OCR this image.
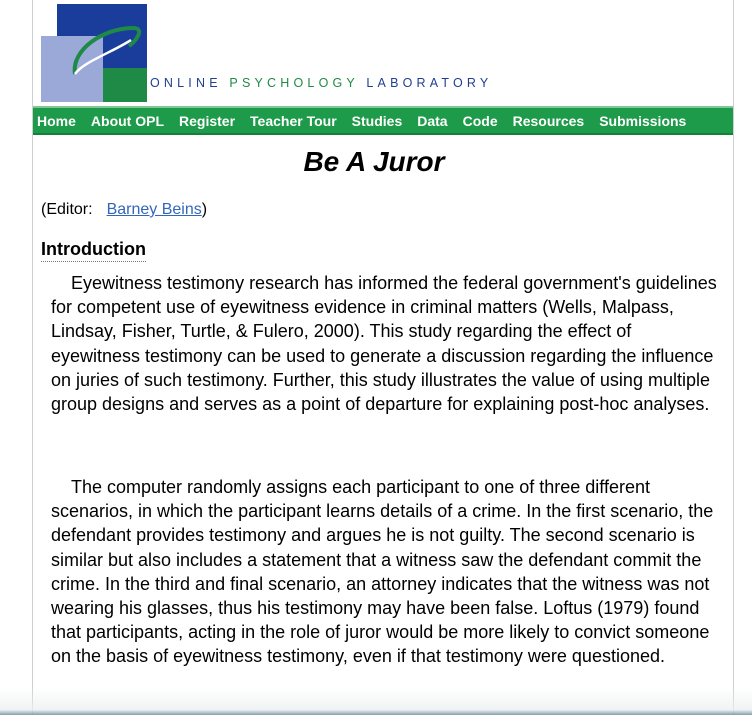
ONLINE PSYCHOLOGY LABORATORY
Home About OPL Register Teacher Tour Studies Data Code Resources Submissions
Be A Juror
(Editor: Barney Beins)
Introduction

Eyewitness testimony research has informed the federal government's guidelines for competent use of eyewitness evidence in criminal matters (Wells, Malpass, Lindsay, Fisher, Turtle, & Fulero, 2000). This study regarding the effect of eyewitness testimony can be used to generate a discussion regarding the influence on juries of such testimony. Further, this study illustrates the value of using multiple group designs and serves as a point of departure for explaining post-hoc analyses.

The computer randomly assigns each participant to one of three different scenarios, in which the participant learns details of a crime. In the first scenario, the defendant provides testimony and argues he is not guilty. The second scenario is similar but also includes a statement that a witness saw the defendant commit the crime. In the third and final scenario, an attorney indicates that the witness was not wearing his glasses, thus his testimony may have been false. Loftus (1979) found that participants, acting in the role of juror would be more likely to convict someone on the basis of eyewitness testimony, even if that testimony were questioned.
